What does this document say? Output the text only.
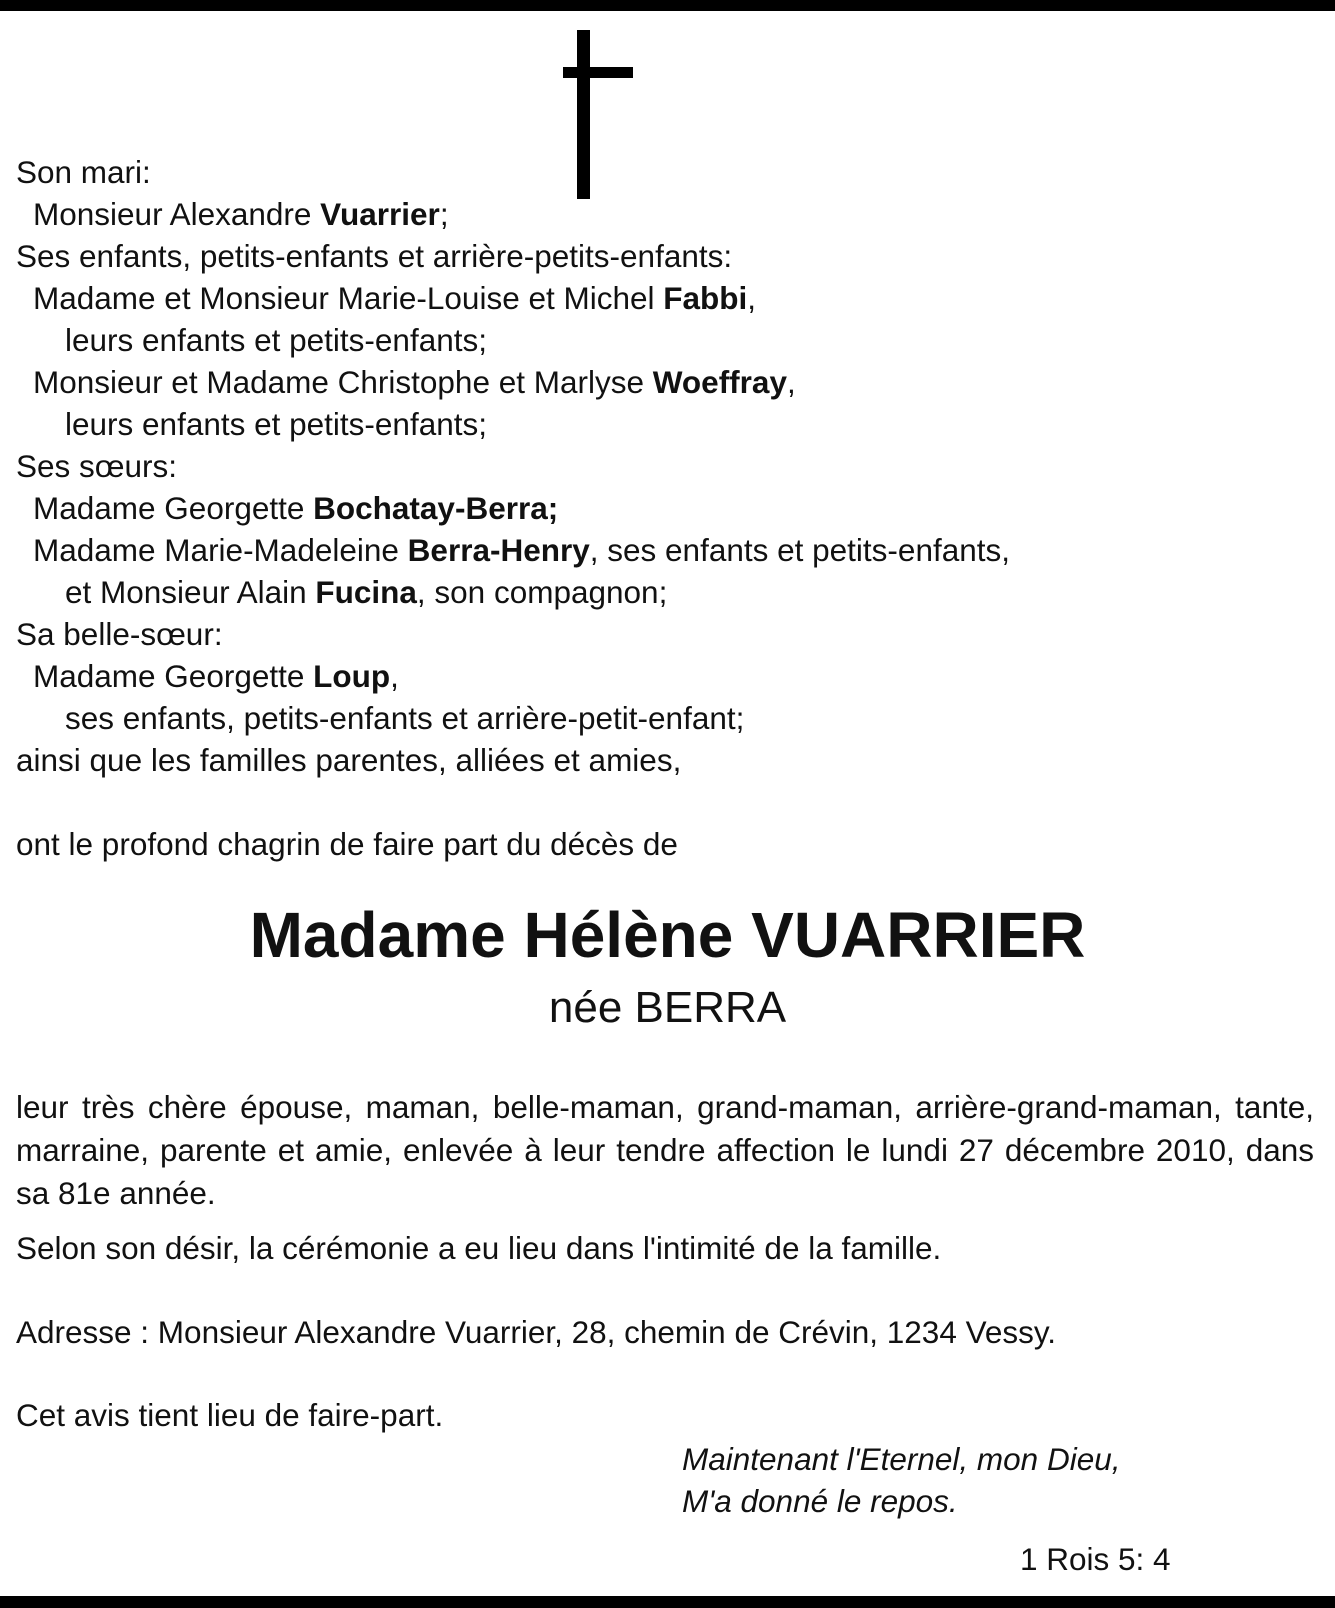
Son mari:
Monsieur Alexandre Vuarrier;
Ses enfants, petits-enfants et arrière-petits-enfants:
Madame et Monsieur Marie-Louise et Michel Fabbi,
leurs enfants et petits-enfants;
Monsieur et Madame Christophe et Marlyse Woeffray,
leurs enfants et petits-enfants;
Ses sœurs:
Madame Georgette Bochatay-Berra;
Madame Marie-Madeleine Berra-Henry, ses enfants et petits-enfants,
et Monsieur Alain Fucina, son compagnon;
Sa belle-sœur:
Madame Georgette Loup,
ses enfants, petits-enfants et arrière-petit-enfant;
ainsi que les familles parentes, alliées et amies,
ont le profond chagrin de faire part du décès de
Madame Hélène VUARRIER
née BERRA
leur très chère épouse, maman, belle-maman, grand-maman, arrière-grand-maman, tante, marraine, parente et amie, enlevée à leur tendre affection le lundi 27 décembre 2010, dans sa 81e année.
Selon son désir, la cérémonie a eu lieu dans l'intimité de la famille.
Adresse : Monsieur Alexandre Vuarrier, 28, chemin de Crévin, 1234 Vessy.
Cet avis tient lieu de faire-part.
Maintenant l'Eternel, mon Dieu,
M'a donné le repos.
1 Rois 5: 4
